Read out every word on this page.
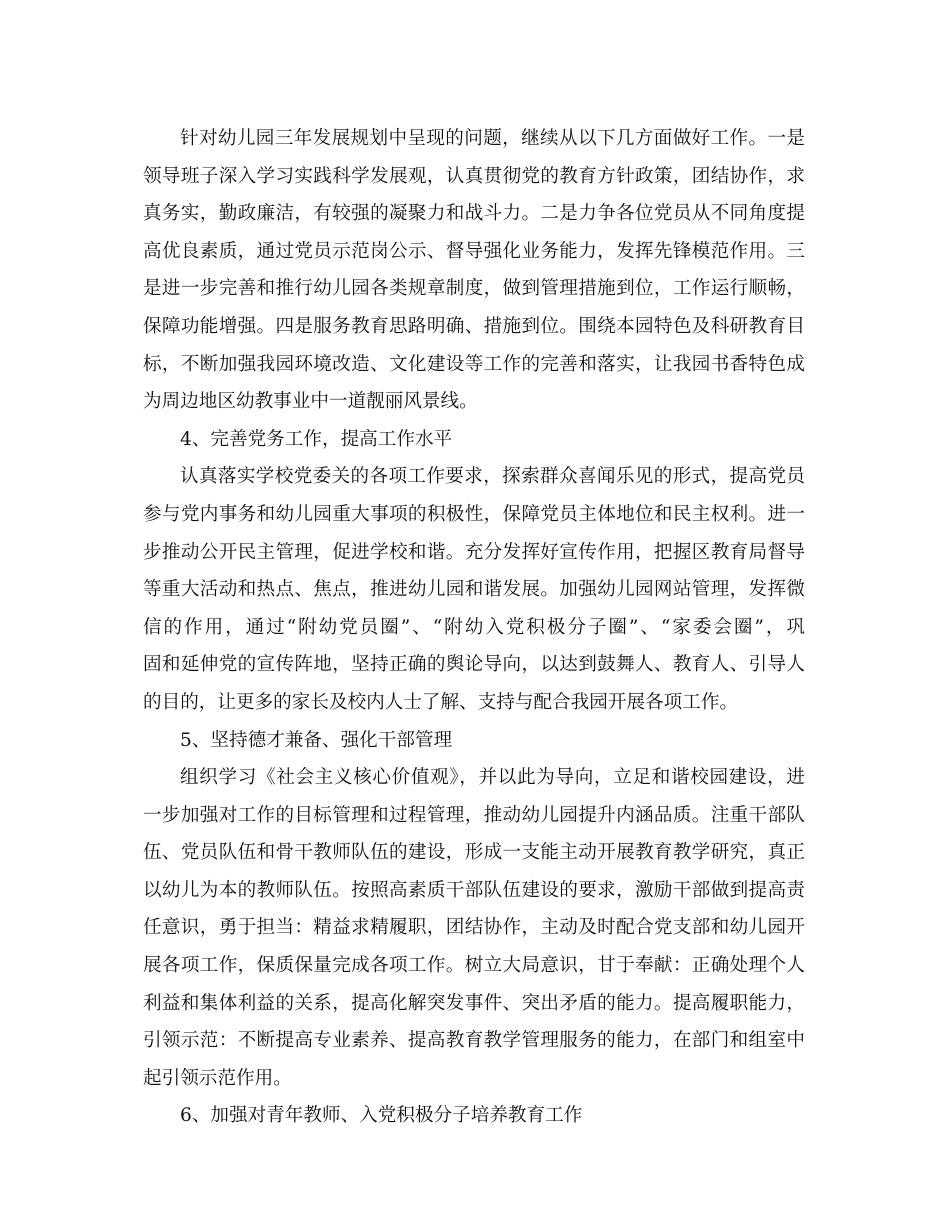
针对幼儿园三年发展规划中呈现的问题，继续从以下几方面做好工作。一是
领导班子深入学习实践科学发展观，认真贯彻党的教育方针政策，团结协作，求
真务实，勤政廉洁，有较强的凝聚力和战斗力。二是力争各位党员从不同角度提
高优良素质，通过党员示范岗公示、督导强化业务能力，发挥先锋模范作用。三
是进一步完善和推行幼儿园各类规章制度，做到管理措施到位，工作运行顺畅，
保障功能增强。四是服务教育思路明确、措施到位。围绕本园特色及科研教育目
标，不断加强我园环境改造、文化建设等工作的完善和落实，让我园书香特色成
为周边地区幼教事业中一道靓丽风景线。
4、完善党务工作，提高工作水平
认真落实学校党委关的各项工作要求，探索群众喜闻乐见的形式，提高党员
参与党内事务和幼儿园重大事项的积极性，保障党员主体地位和民主权利。进一
步推动公开民主管理，促进学校和谐。充分发挥好宣传作用，把握区教育局督导
等重大活动和热点、焦点，推进幼儿园和谐发展。加强幼儿园网站管理，发挥微
信的作用，通过“附幼党员圈”、“附幼入党积极分子圈”、“家委会圈”，巩
固和延伸党的宣传阵地，坚持正确的舆论导向，以达到鼓舞人、教育人、引导人
的目的，让更多的家长及校内人士了解、支持与配合我园开展各项工作。
5、坚持德才兼备、强化干部管理
组织学习《社会主义核心价值观》，并以此为导向，立足和谐校园建设，进
一步加强对工作的目标管理和过程管理，推动幼儿园提升内涵品质。注重干部队
伍、党员队伍和骨干教师队伍的建设，形成一支能主动开展教育教学研究，真正
以幼儿为本的教师队伍。按照高素质干部队伍建设的要求，激励干部做到提高责
任意识，勇于担当：精益求精履职，团结协作，主动及时配合党支部和幼儿园开
展各项工作，保质保量完成各项工作。树立大局意识，甘于奉献：正确处理个人
利益和集体利益的关系，提高化解突发事件、突出矛盾的能力。提高履职能力，
引领示范：不断提高专业素养、提高教育教学管理服务的能力，在部门和组室中
起引领示范作用。
6、加强对青年教师、入党积极分子培养教育工作
